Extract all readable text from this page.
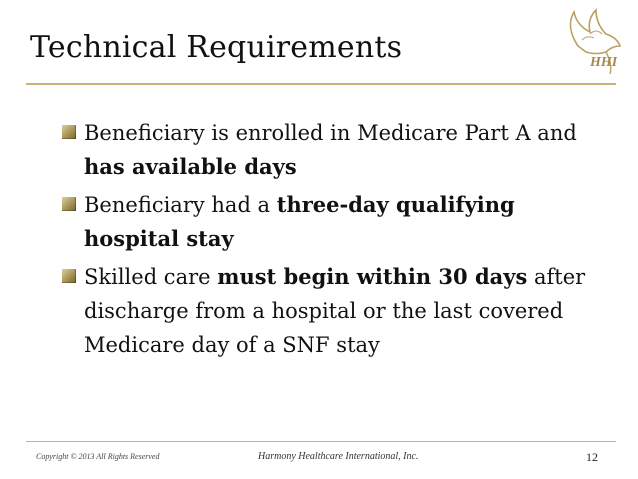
Technical Requirements	HHI
Beneficiary is enrolled in Medicare Part A and has available days
Beneficiary had a three-day qualifying hospital stay
Skilled care must begin within 30 days after discharge from a hospital or the last covered Medicare day of a SNF stay
Copyright © 2013 All Rights Reserved	Harmony Healthcare International, Inc.	12
